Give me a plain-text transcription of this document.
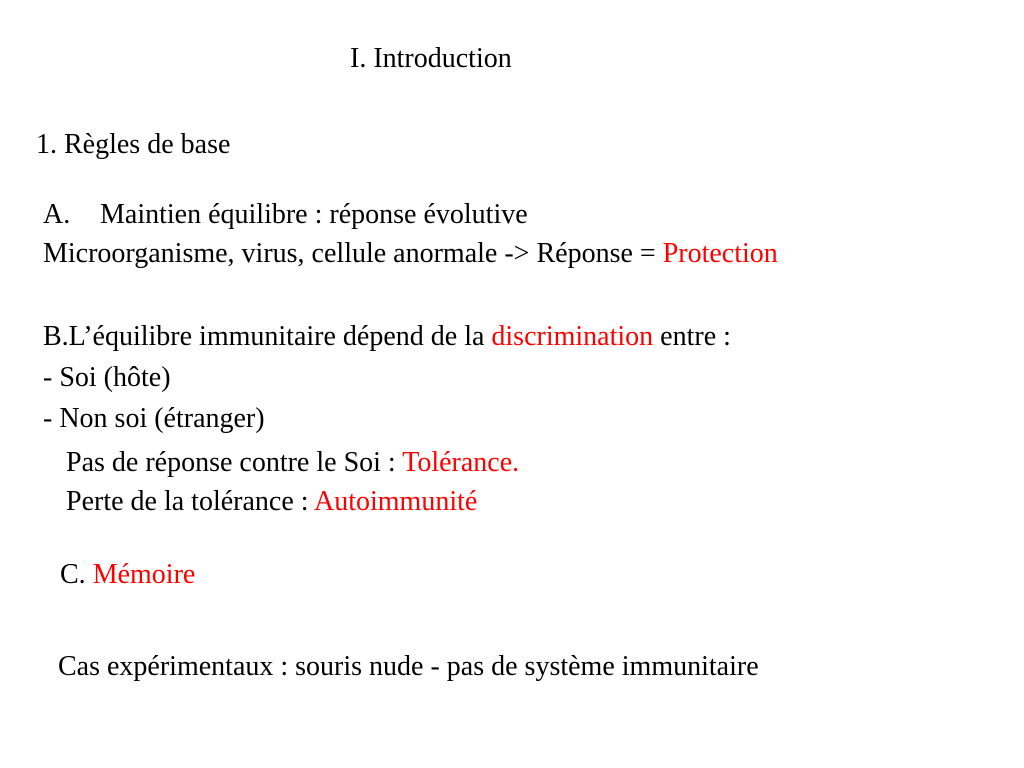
I. Introduction
1. Règles de base
A. Maintien équilibre : réponse évolutive
Microorganisme, virus, cellule anormale -> Réponse = Protection
B.L’équilibre immunitaire dépend de la discrimination entre :
- Soi (hôte)
- Non soi (étranger)
Pas de réponse contre le Soi : Tolérance.
Perte de la tolérance : Autoimmunité
C. Mémoire
Cas expérimentaux : souris nude - pas de système immunitaire
